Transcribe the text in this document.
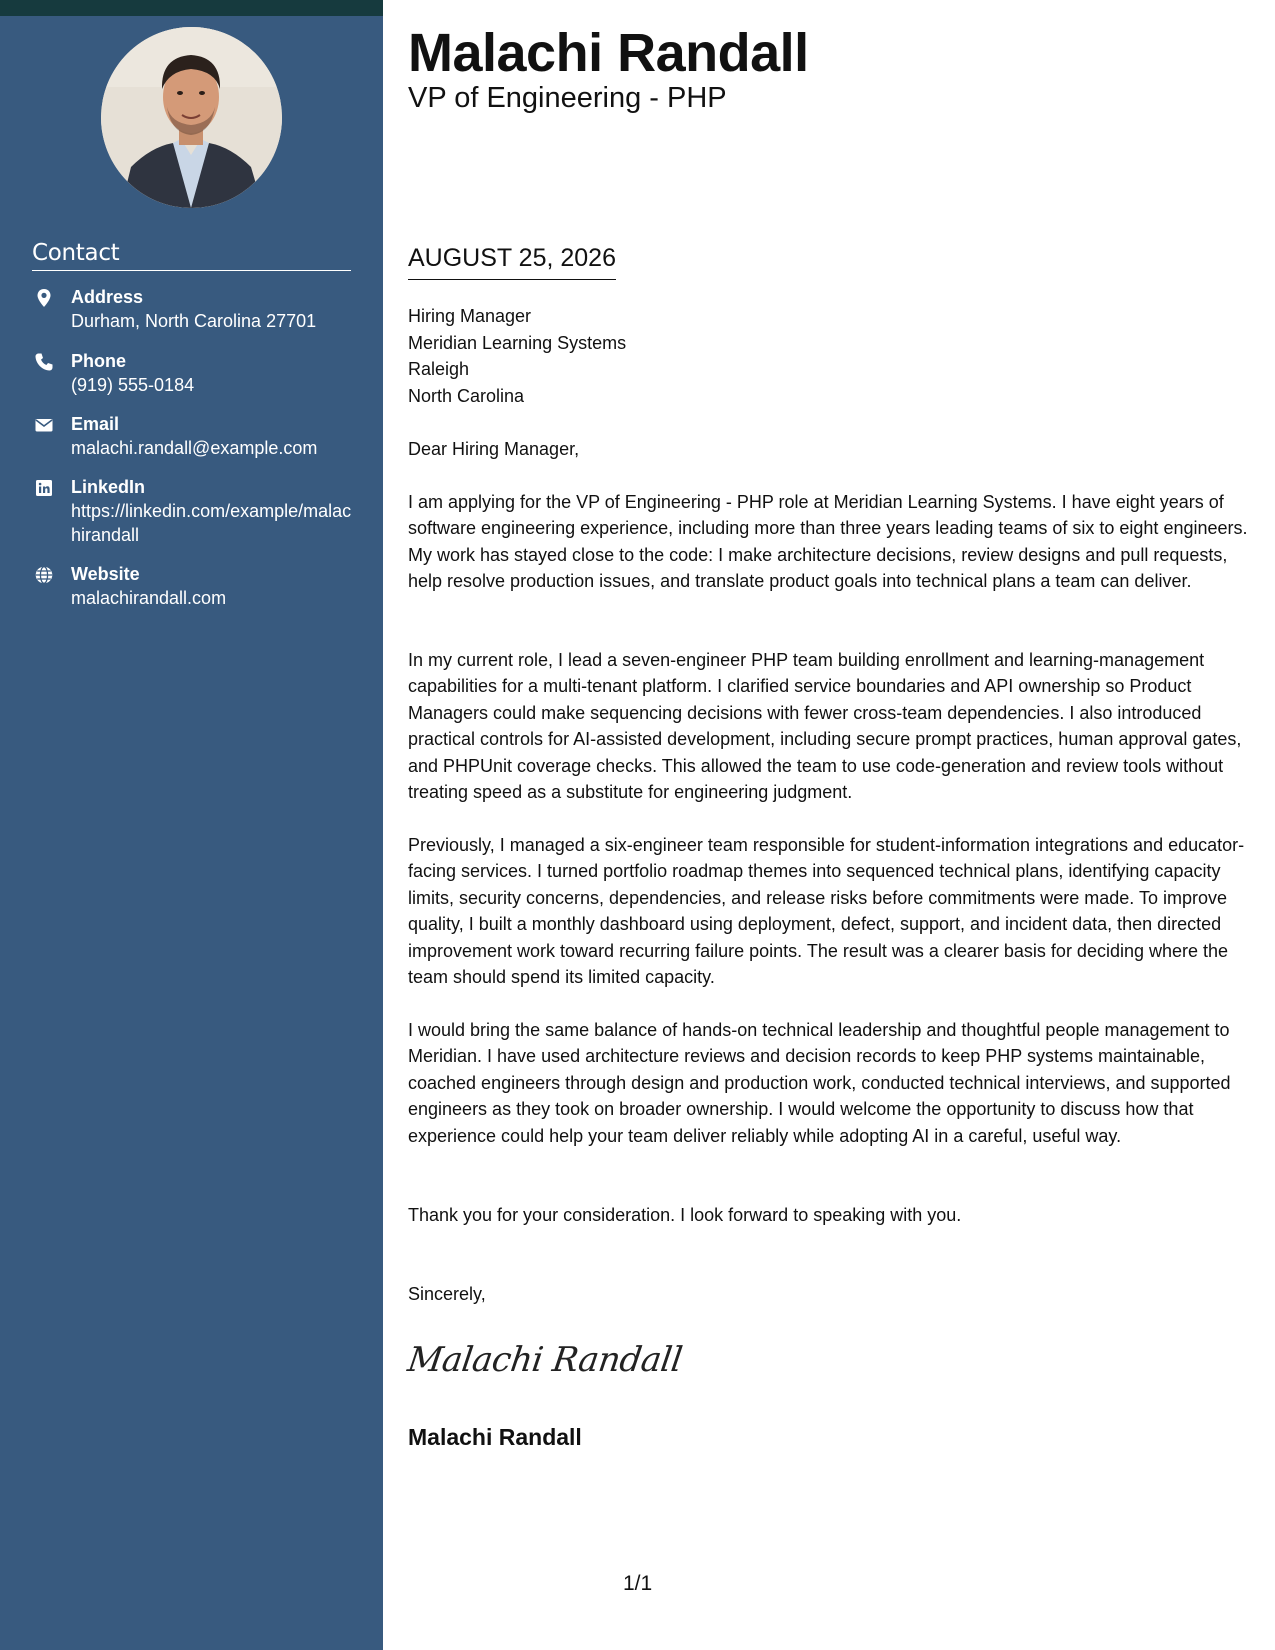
Contact
Address
Durham, North Carolina 27701
Phone
(919) 555-0184
Email
malachi.randall@example.com
LinkedIn
https://linkedin.com/example/malachirandall
Website
malachirandall.com
Malachi Randall
VP of Engineering - PHP
AUGUST 25, 2026
Hiring Manager
Meridian Learning Systems
Raleigh
North Carolina
Dear Hiring Manager,
I am applying for the VP of Engineering - PHP role at Meridian Learning Systems. I have eight years of software engineering experience, including more than three years leading teams of six to eight engineers. My work has stayed close to the code: I make architecture decisions, review designs and pull requests, help resolve production issues, and translate product goals into technical plans a team can deliver.
In my current role, I lead a seven-engineer PHP team building enrollment and learning-management capabilities for a multi-tenant platform. I clarified service boundaries and API ownership so Product Managers could make sequencing decisions with fewer cross-team dependencies. I also introduced practical controls for AI-assisted development, including secure prompt practices, human approval gates, and PHPUnit coverage checks. This allowed the team to use code-generation and review tools without treating speed as a substitute for engineering judgment.
Previously, I managed a six-engineer team responsible for student-information integrations and educator-facing services. I turned portfolio roadmap themes into sequenced technical plans, identifying capacity limits, security concerns, dependencies, and release risks before commitments were made. To improve quality, I built a monthly dashboard using deployment, defect, support, and incident data, then directed improvement work toward recurring failure points. The result was a clearer basis for deciding where the team should spend its limited capacity.
I would bring the same balance of hands-on technical leadership and thoughtful people management to Meridian. I have used architecture reviews and decision records to keep PHP systems maintainable, coached engineers through design and production work, conducted technical interviews, and supported engineers as they took on broader ownership. I would welcome the opportunity to discuss how that experience could help your team deliver reliably while adopting AI in a careful, useful way.
Thank you for your consideration. I look forward to speaking with you.
Sincerely,
Malachi Randall
Malachi Randall
1/1
